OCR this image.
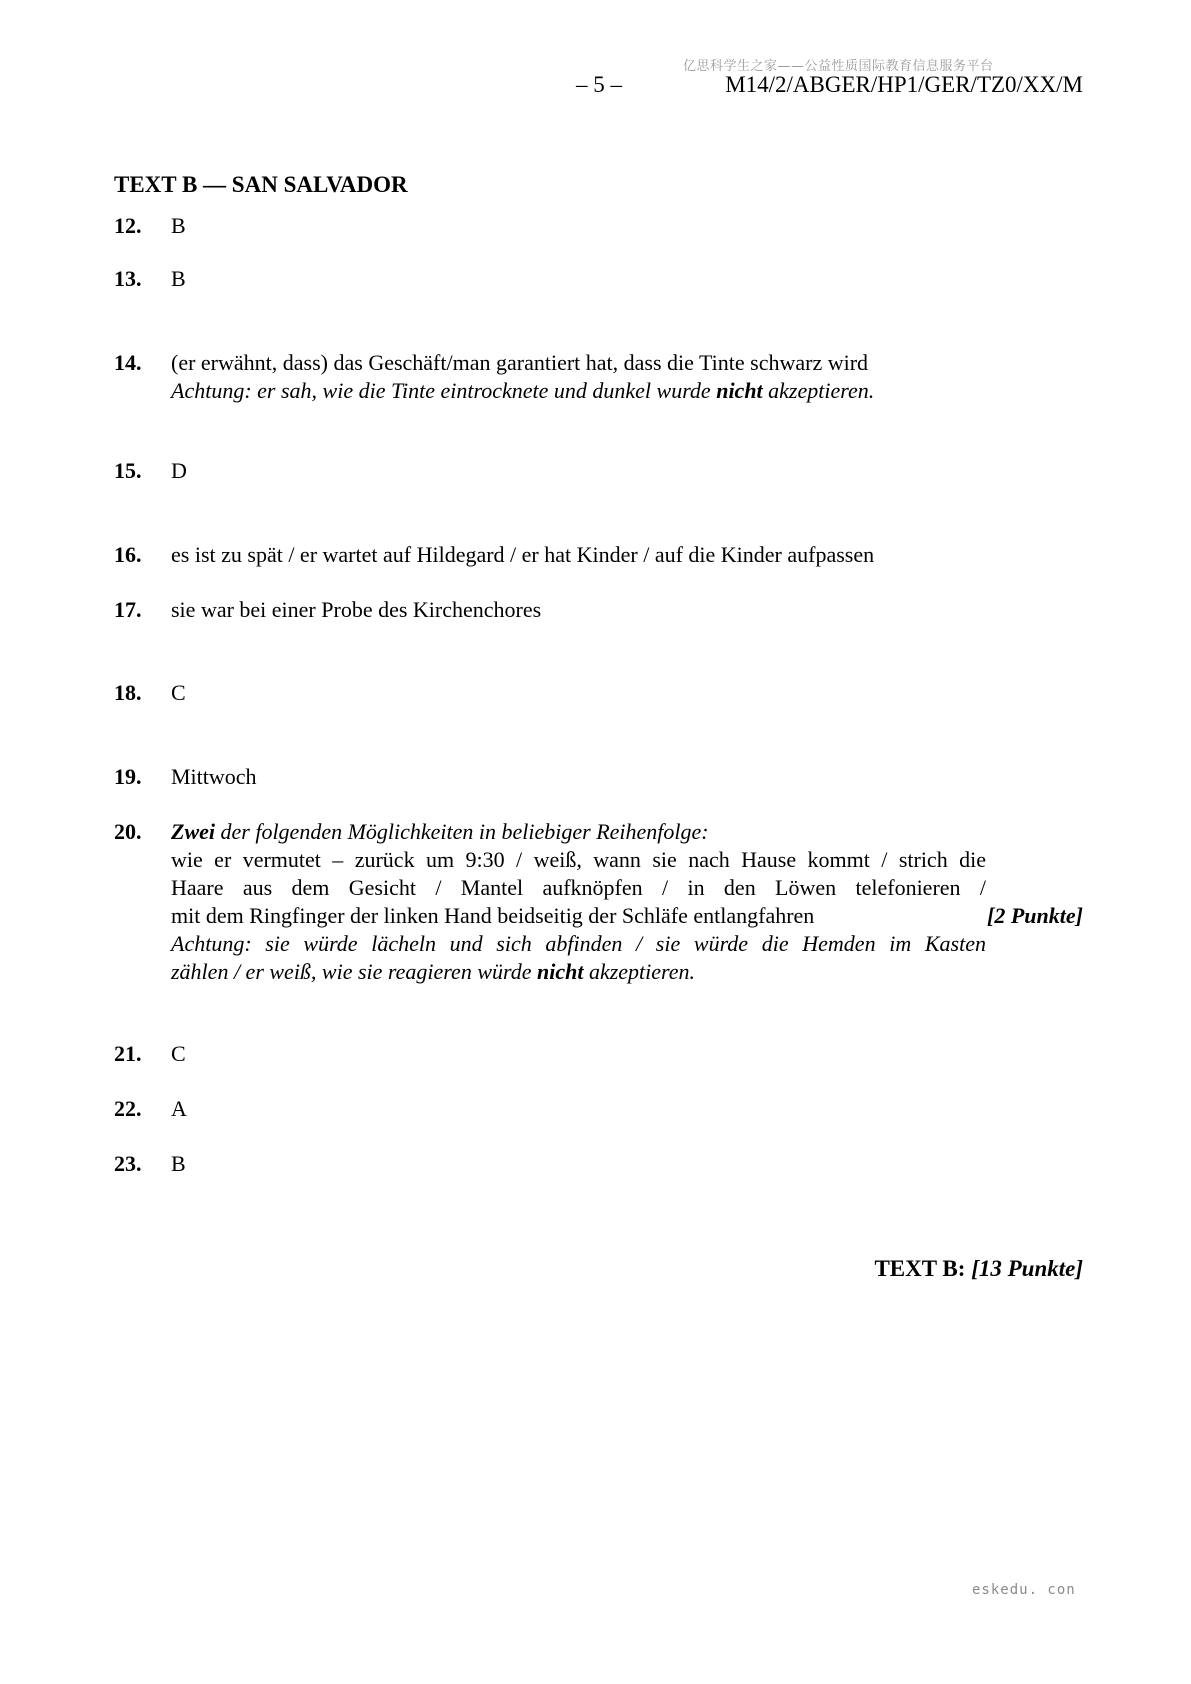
亿思科学生之家——公益性质国际教育信息服务平台
– 5 –	M14/2/ABGER/HP1/GER/TZ0/XX/M
TEXT B — SAN SALVADOR
12. B
13. B
14. (er erwähnt, dass) das Geschäft/man garantiert hat, dass die Tinte schwarz wird
Achtung: er sah, wie die Tinte eintrocknete und dunkel wurde nicht akzeptieren.
15. D
16. es ist zu spät / er wartet auf Hildegard / er hat Kinder / auf die Kinder aufpassen
17. sie war bei einer Probe des Kirchenchores
18. C
19. Mittwoch
20. Zwei der folgenden Möglichkeiten in beliebiger Reihenfolge:
wie er vermutet – zurück um 9:30 / weiß, wann sie nach Hause kommt / strich die
Haare aus dem Gesicht / Mantel aufknöpfen / in den Löwen telefonieren /
mit dem Ringfinger der linken Hand beidseitig der Schläfe entlangfahren	[2 Punkte]
Achtung: sie würde lächeln und sich abfinden / sie würde die Hemden im Kasten
zählen / er weiß, wie sie reagieren würde nicht akzeptieren.
21. C
22. A
23. B
TEXT B: [13 Punkte]
eskedu. con
